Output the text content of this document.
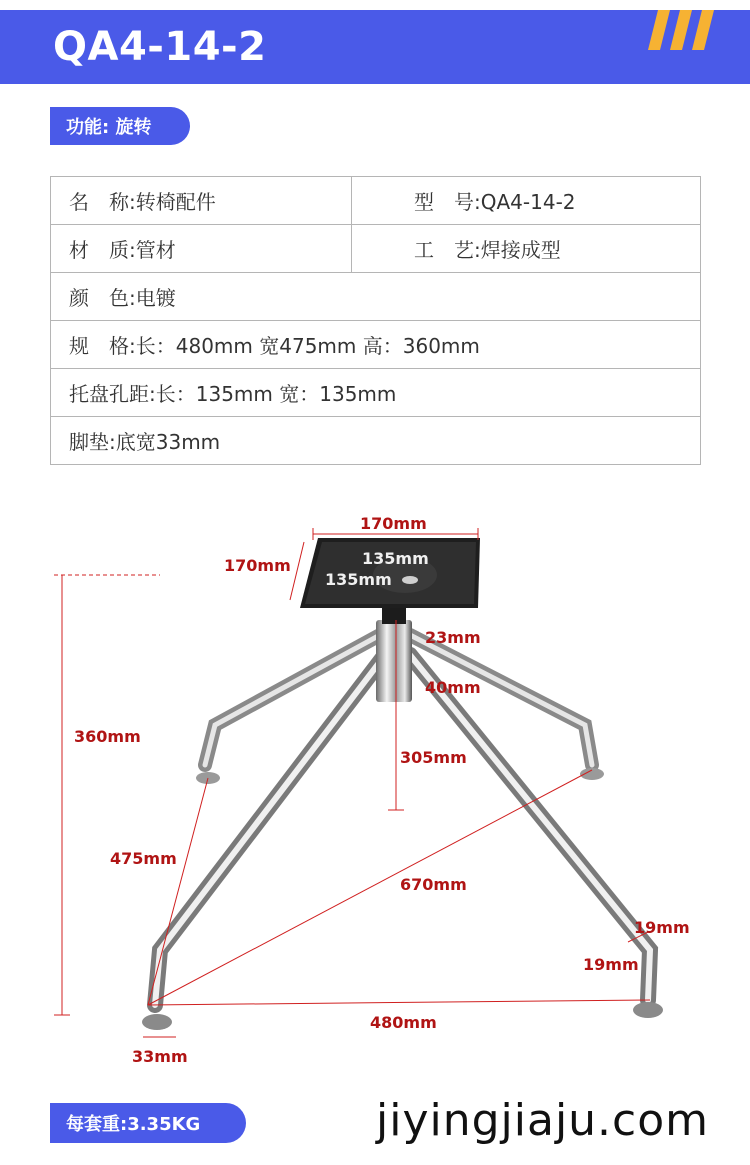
QA4-14-2
功能: 旋转
名　称:转椅配件	型　号:QA4-14-2
材　质:管材	工　艺:焊接成型
颜　色:电镀	
规　格:长：480mm 宽475mm 高：360mm	
托盘孔距:长：135mm 宽：135mm	
脚垫:底宽33mm	
170mm
170mm	135mm
135mm
360mm
23mm
40mm
305mm
475mm
670mm
19mm
19mm
480mm
33mm
每套重:3.35KG	jiyingjiaju.com
